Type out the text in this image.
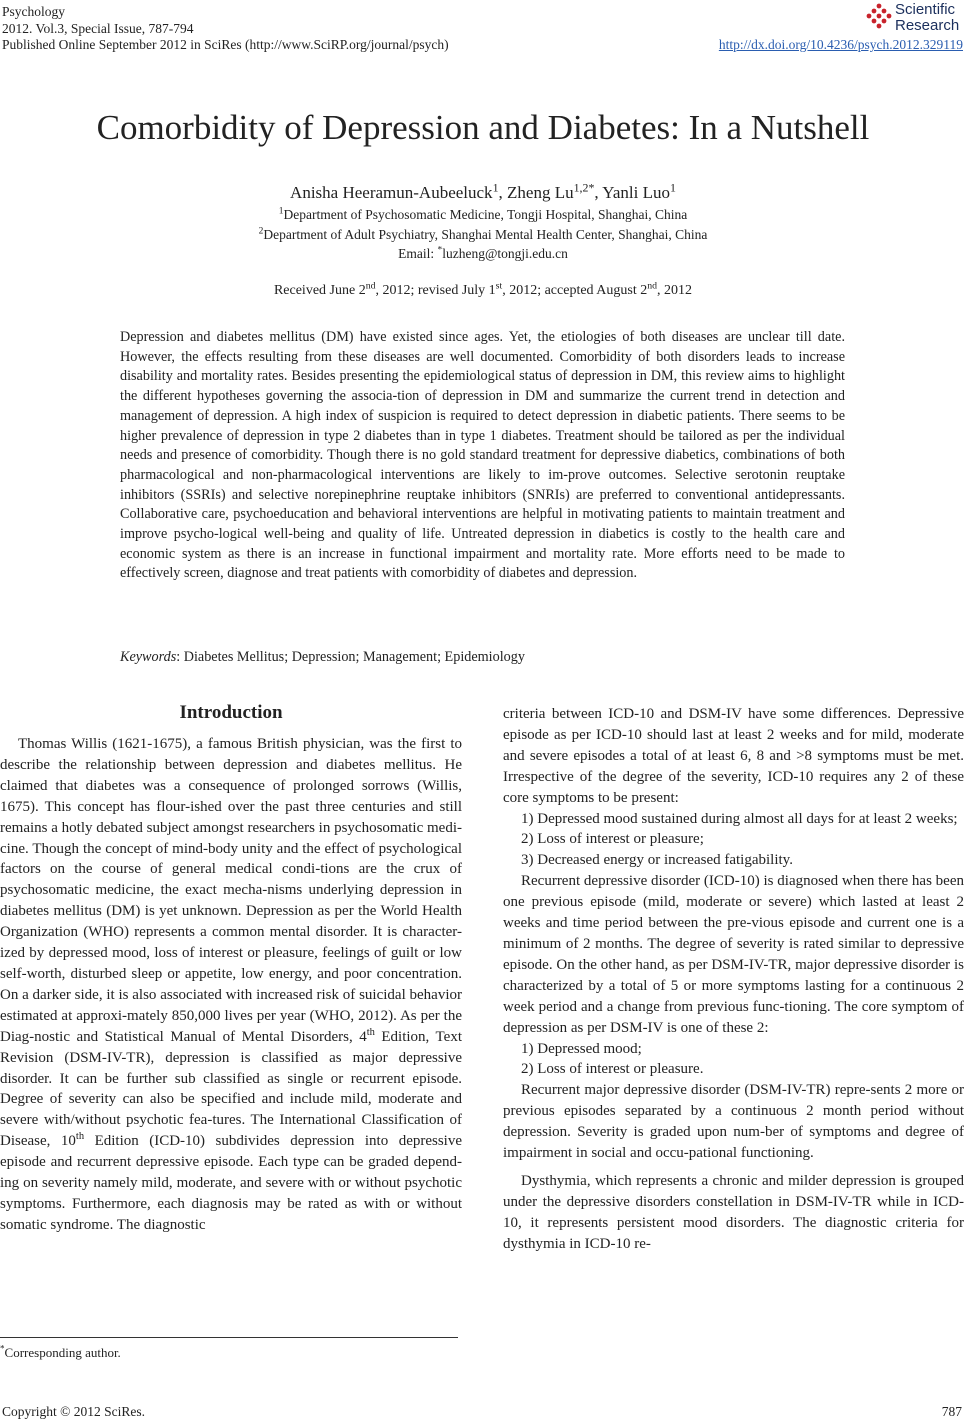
Psychology
2012. Vol.3, Special Issue, 787-794
Published Online September 2012 in SciRes (http://www.SciRP.org/journal/psych)
Scientific
Research
http://dx.doi.org/10.4236/psych.2012.329119
Comorbidity of Depression and Diabetes: In a Nutshell
Anisha Heeramun-Aubeeluck$^1$, Zheng $Lu^{1,2*}$, Yanli Luo$^1$
$^1$Department of Psychosomatic Medicine, Tongji Hospital, Shanghai, China
$^2$Department of Adult Psychiatry, Shanghai Mental Health Center, Shanghai, China
Email: *luzheng@tongji.edu.cn
Received June 2nd, 2012; revised July 1st, 2012; accepted August 2nd, 2012
Depression and diabetes mellitus (DM) have existed since ages. Yet, the etiologies of both diseases are unclear till date. However, the effects resulting from these diseases are well documented. Comorbidity of both disorders leads to increase disability and mortality rates. Besides presenting the epidemiological status of depression in DM, this review aims to highlight the different hypotheses governing the associa-tion of depression in DM and summarize the current trend in detection and management of depression. A high index of suspicion is required to detect depression in diabetic patients. There seems to be higher prevalence of depression in type 2 diabetes than in type 1 diabetes. Treatment should be tailored as per the individual needs and presence of comorbidity. Though there is no gold standard treatment for depressive diabetics, combinations of both pharmacological and non-pharmacological interventions are likely to im-prove outcomes. Selective serotonin reuptake inhibitors (SSRIs) and selective norepinephrine reuptake inhibitors (SNRIs) are preferred to conventional antidepressants. Collaborative care, psychoeducation and behavioral interventions are helpful in motivating patients to maintain treatment and improve psycho-logical well-being and quality of life. Untreated depression in diabetics is costly to the health care and economic system as there is an increase in functional impairment and mortality rate. More efforts need to be made to effectively screen, diagnose and treat patients with comorbidity of diabetes and depression.
Keywords: Diabetes Mellitus; Depression; Management; Epidemiology
Introduction

Thomas Willis (1621-1675), a famous British physician, was the first to describe the relationship between depression and diabetes mellitus. He claimed that diabetes was a consequence of prolonged sorrows (Willis, 1675). This concept has flour-ished over the past three centuries and still remains a hotly debated subject amongst researchers in psychosomatic medi-cine. Though the concept of mind-body unity and the effect of psychological factors on the course of general medical condi-tions are the crux of psychosomatic medicine, the exact mecha-nisms underlying depression in diabetes mellitus (DM) is yet unknown. Depression as per the World Health Organization (WHO) represents a common mental disorder. It is character-ized by depressed mood, loss of interest or pleasure, feelings of guilt or low self-worth, disturbed sleep or appetite, low energy, and poor concentration. On a darker side, it is also associated with increased risk of suicidal behavior estimated at approxi-mately 850,000 lives per year (WHO, 2012). As per the Diag-nostic and Statistical Manual of Mental Disorders, 4th Edition, Text Revision (DSM-IV-TR), depression is classified as major depressive disorder. It can be further sub classified as single or recurrent episode. Degree of severity can also be specified and include mild, moderate and severe with/without psychotic fea-tures. The International Classification of Disease, 10th Edition (ICD-10) subdivides depression into depressive episode and recurrent depressive episode. Each type can be graded depend-ing on severity namely mild, moderate, and severe with or without psychotic symptoms. Furthermore, each diagnosis may be rated as with or without somatic syndrome. The diagnostic

criteria between ICD-10 and DSM-IV have some differences. Depressive episode as per ICD-10 should last at least 2 weeks and for mild, moderate and severe episodes a total of at least 6, 8 and >8 symptoms must be met. Irrespective of the degree of the severity, ICD-10 requires any 2 of these core symptoms to be present:

1) Depressed mood sustained during almost all days for at least 2 weeks;

2) Loss of interest or pleasure;

3) Decreased energy or increased fatigability.

Recurrent depressive disorder (ICD-10) is diagnosed when there has been one previous episode (mild, moderate or severe) which lasted at least 2 weeks and time period between the pre-vious episode and current one is a minimum of 2 months. The degree of severity is rated similar to depressive episode. On the other hand, as per DSM-IV-TR, major depressive disorder is characterized by a total of 5 or more symptoms lasting for a continuous 2 week period and a change from previous func-tioning. The core symptom of depression as per DSM-IV is one of these 2:

1) Depressed mood;

2) Loss of interest or pleasure.

Recurrent major depressive disorder (DSM-IV-TR) repre-sents 2 more or previous episodes separated by a continuous 2 month period without depression. Severity is graded upon num-ber of symptoms and degree of impairment in social and occu-pational functioning.

Dysthymia, which represents a chronic and milder depression is grouped under the depressive disorders constellation in DSM-IV-TR while in ICD-10, it represents persistent mood disorders. The diagnostic criteria for dysthymia in ICD-10 re-

*Corresponding author.
Copyright © 2012 SciRes.	787
